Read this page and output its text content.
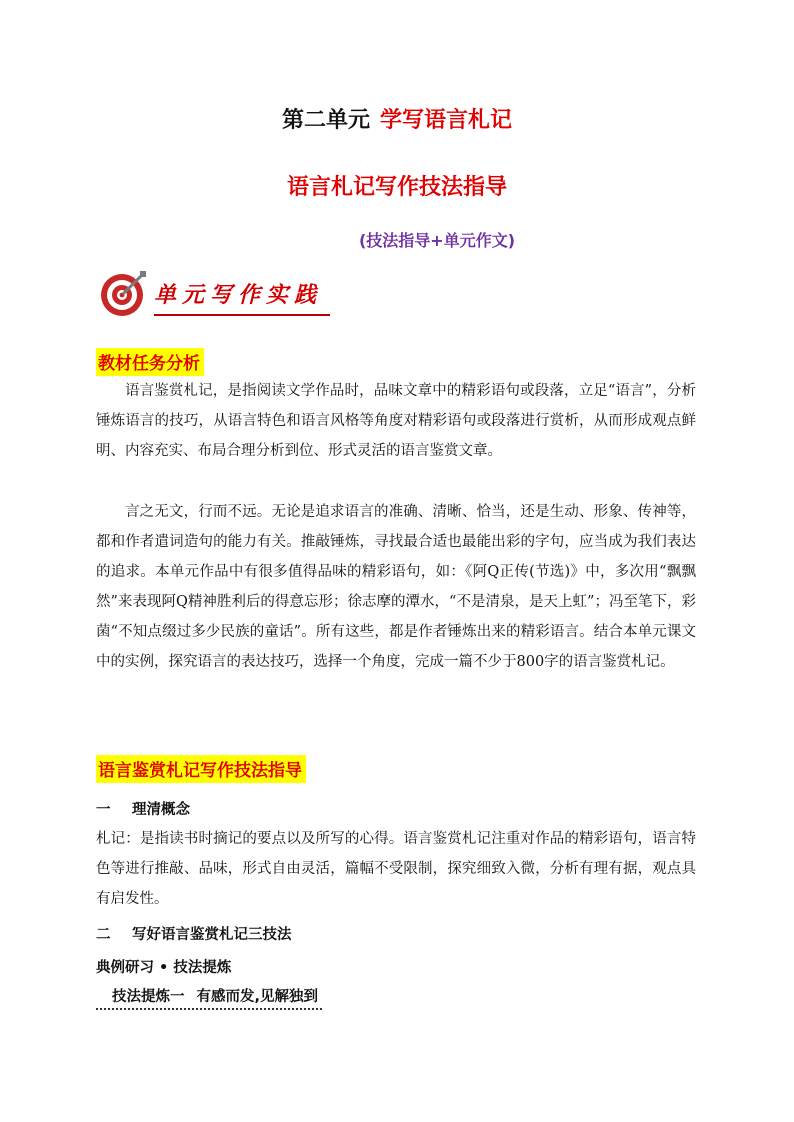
第二单元 学写语言札记
语言札记写作技法指导
(技法指导+单元作文)
单元写作实践
教材任务分析

语言鉴赏札记，是指阅读文学作品时，品味文章中的精彩语句或段落，立足“语言”，分析锤炼语言的技巧，从语言特色和语言风格等角度对精彩语句或段落进行赏析，从而形成观点鲜明、内容充实、布局合理分析到位、形式灵活的语言鉴赏文章。

言之无文，行而不远。无论是追求语言的准确、清晰、恰当，还是生动、形象、传神等，都和作者遣词造句的能力有关。推敲锤炼，寻找最合适也最能出彩的字句，应当成为我们表达的追求。本单元作品中有很多值得品味的精彩语句，如：《阿Q正传(节选)》中，多次用“飘飘然”来表现阿Q精神胜利后的得意忘形；徐志摩的潭水，“不是清泉，是天上虹”；冯至笔下，彩菌“不知点缀过多少民族的童话”。所有这些，都是作者锤炼出来的精彩语言。结合本单元课文中的实例，探究语言的表达技巧，选择一个角度，完成一篇不少于800字的语言鉴赏札记。

语言鉴赏札记写作技法指导
一 理清概念

札记：是指读书时摘记的要点以及所写的心得。语言鉴赏札记注重对作品的精彩语句，语言特色等进行推敲、品味，形式自由灵活，篇幅不受限制，探究细致入微，分析有理有据，观点具有启发性。

二 写好语言鉴赏札记三技法
典例研习 • 技法提炼
技法提炼一 有感而发,见解独到
